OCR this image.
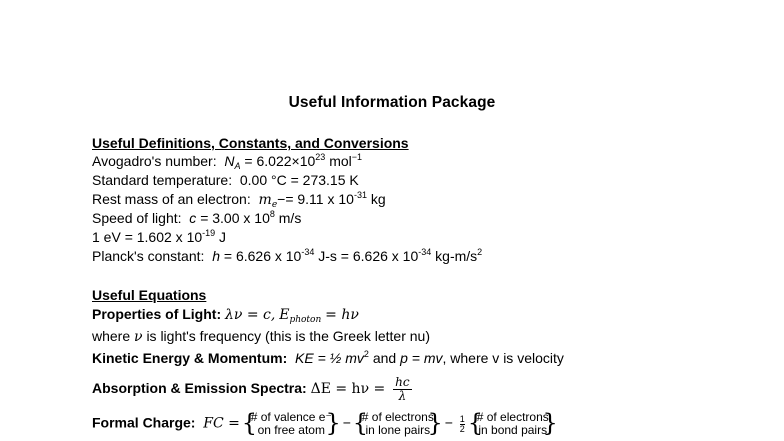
Useful Information Package
Useful Definitions, Constants, and Conversions
Avogadro's number: $N_A = 6.022\times 10^{23}$ mol$^{-1}$
Standard temperature: 0.00 °C = 273.15 K
Rest mass of an electron: $m_e-= 9.11$ x $10^{-31}$ kg
Speed of light: c = 3.00 x $10^8$ m/s
1 eV = 1.602 x $10^{-19}$ J
Planck's constant: h = 6.626 x $10^{-34}$ J-s = 6.626 x $10^{-34}$ $kg-m/s^2$
Useful Equations
Properties of Light: λν = c, $E_{photon} = h\nu$
where ν is light's frequency (this is the Greek letter nu)
Kinetic Energy & Momentum: KE = ½ $mv^2$ and p = mv, where v is velocity
Absorption & Emission Spectra: $\Delta E = h\nu = \frac{hc}{\lambda}$
Formal Charge: FC = { # of valence e⁻
on free atom
}	− { # of electrons
in lone pairs
} − $\frac{1}{2}$
{ # of electrons
in bond pairs
}
